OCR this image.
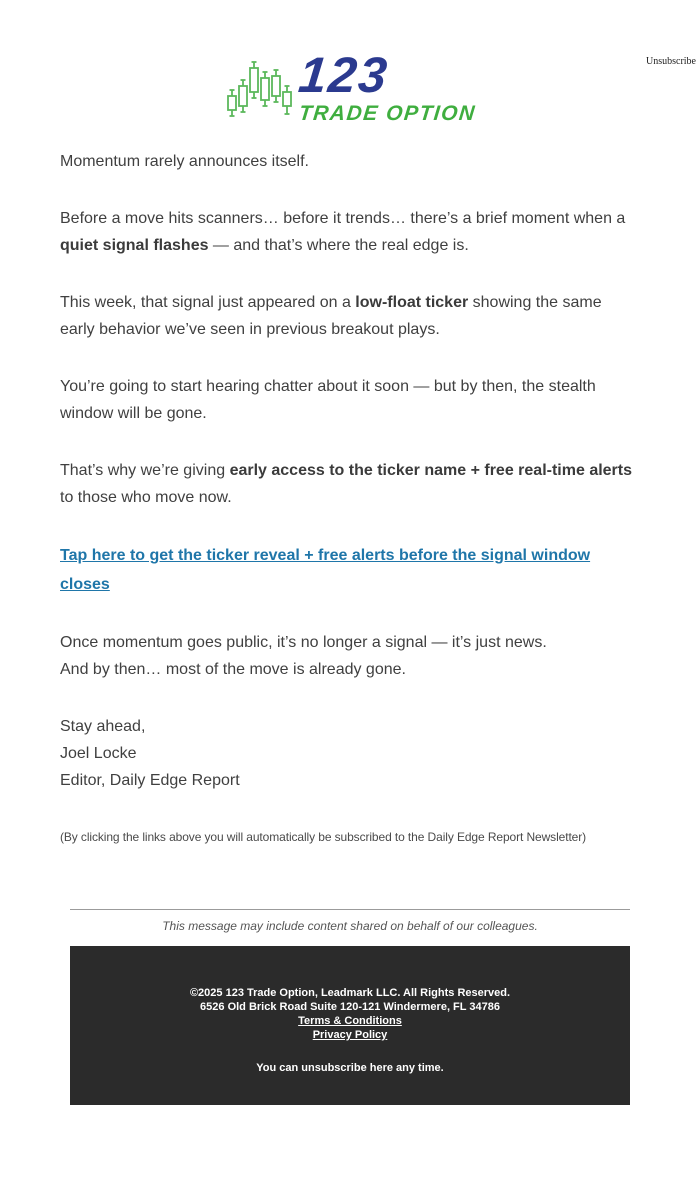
Unsubscribe
123
TRADE OPTION

Momentum rarely announces itself.

Before a move hits scanners… before it trends… there’s a brief moment when a quiet signal flashes — and that’s where the real edge is.

This week, that signal just appeared on a low-float ticker showing the same early behavior we’ve seen in previous breakout plays.

You’re going to start hearing chatter about it soon — but by then, the stealth window will be gone.

That’s why we’re giving early access to the ticker name + free real-time alerts to those who move now.

Tap here to get the ticker reveal + free alerts before the signal window
closes

Once momentum goes public, it’s no longer a signal — it’s just news.
And by then… most of the move is already gone.

Stay ahead,
Joel Locke
Editor, Daily Edge Report

(By clicking the links above you will automatically be subscribed to the Daily Edge Report Newsletter)

This message may include content shared on behalf of our colleagues.
©2025 123 Trade Option, Leadmark LLC. All Rights Reserved.
6526 Old Brick Road Suite 120-121 Windermere, FL 34786
Terms & Conditions
Privacy Policy
You can unsubscribe here any time.
